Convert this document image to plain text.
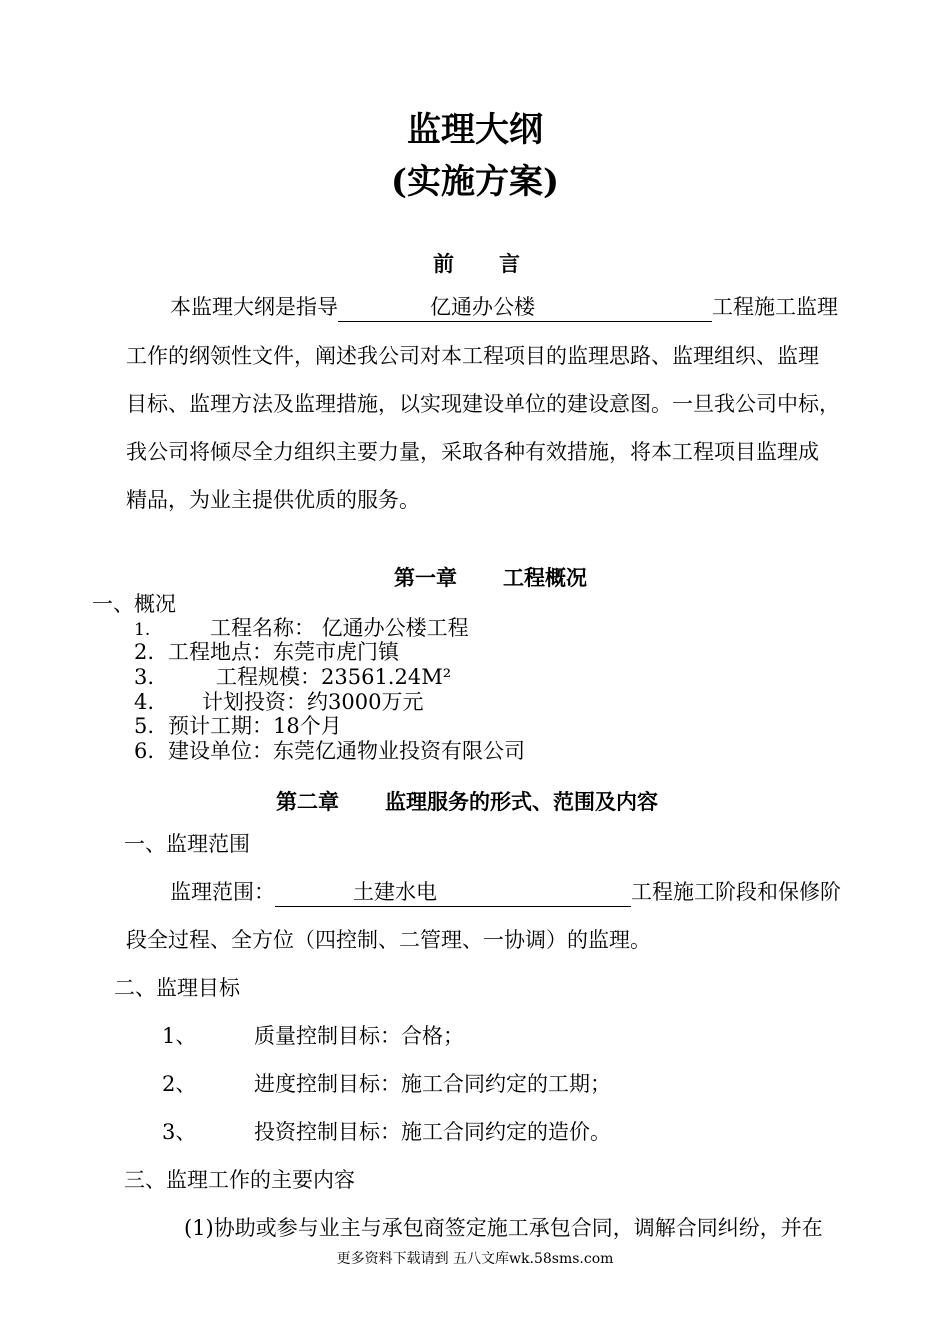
监理大纲
(实施方案)
前 言
本监理大纲是指导	亿通办公楼	工程施工监理
工作的纲领性文件，阐述我公司对本工程项目的监理思路、监理组织、监理
目标、监理方法及监理措施，以实现建设单位的建设意图。一旦我公司中标，
我公司将倾尽全力组织主要力量，采取各种有效措施，将本工程项目监理成
精品，为业主提供优质的服务。
第一章 工程概况
一、概况
1.	工程名称： 亿通办公楼工程
2. 工程地点：东莞市虎门镇
3.	工程规模：23561.24M²
4. 计划投资：约3000万元
5. 预计工期：18个月
6. 建设单位：东莞亿通物业投资有限公司
第二章 监理服务的形式、范围及内容
一、监理范围
监理范围：	土建水电	工程施工阶段和保修阶
段全过程、全方位（四控制、二管理、一协调）的监理。
二、监理目标
1、	质量控制目标：合格；
2、	进度控制目标：施工合同约定的工期；
3、	投资控制目标：施工合同约定的造价。
三、监理工作的主要内容
(1)协助或参与业主与承包商签定施工承包合同，调解合同纠纷，并在
更多资料下载请到 五八文库wk.58sms.com
